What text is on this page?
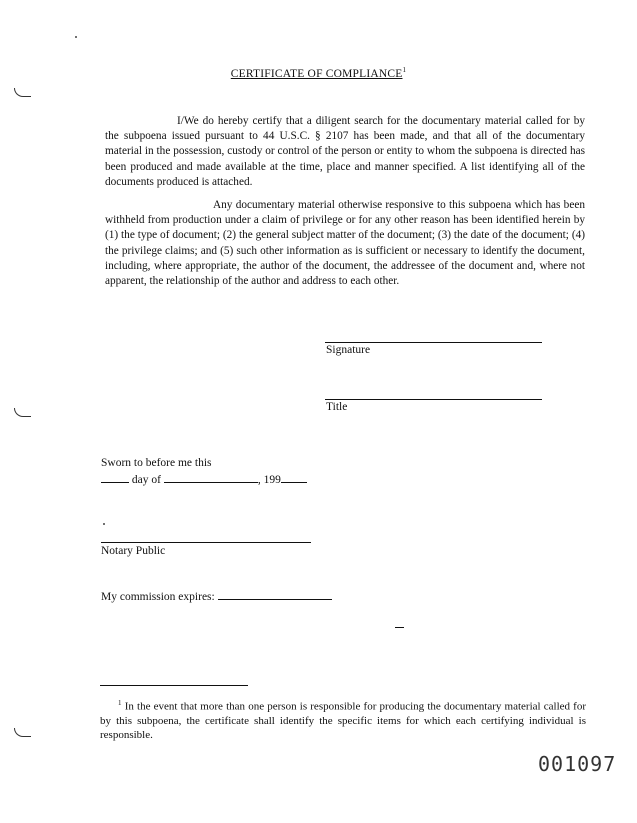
CERTIFICATE OF COMPLIANCE$^1$
I/We do hereby certify that a diligent search for the documentary material called for by the subpoena issued pursuant to 44 U.S.C. § 2107 has been made, and that all of the documentary material in the possession, custody or control of the person or entity to whom the subpoena is directed has been produced and made available at the time, place and manner specified. A list identifying all of the documents produced is attached.
Any documentary material otherwise responsive to this subpoena which has been withheld from production under a claim of privilege or for any other reason has been identified herein by (1) the type of document; (2) the general subject matter of the document; (3) the date of the document; (4) the privilege claims; and (5) such other information as is sufficient or necessary to identify the document, including, where appropriate, the author of the document, the addressee of the document and, where not apparent, the relationship of the author and address to each other.
Signature
Title
Sworn to before me this
day of	, 199
Notary Public
My commission expires:
$^1$ In the event that more than one person is responsible for producing the documentary material called for by this subpoena, the certificate shall identify the specific items for which each certifying individual is responsible.
001097
